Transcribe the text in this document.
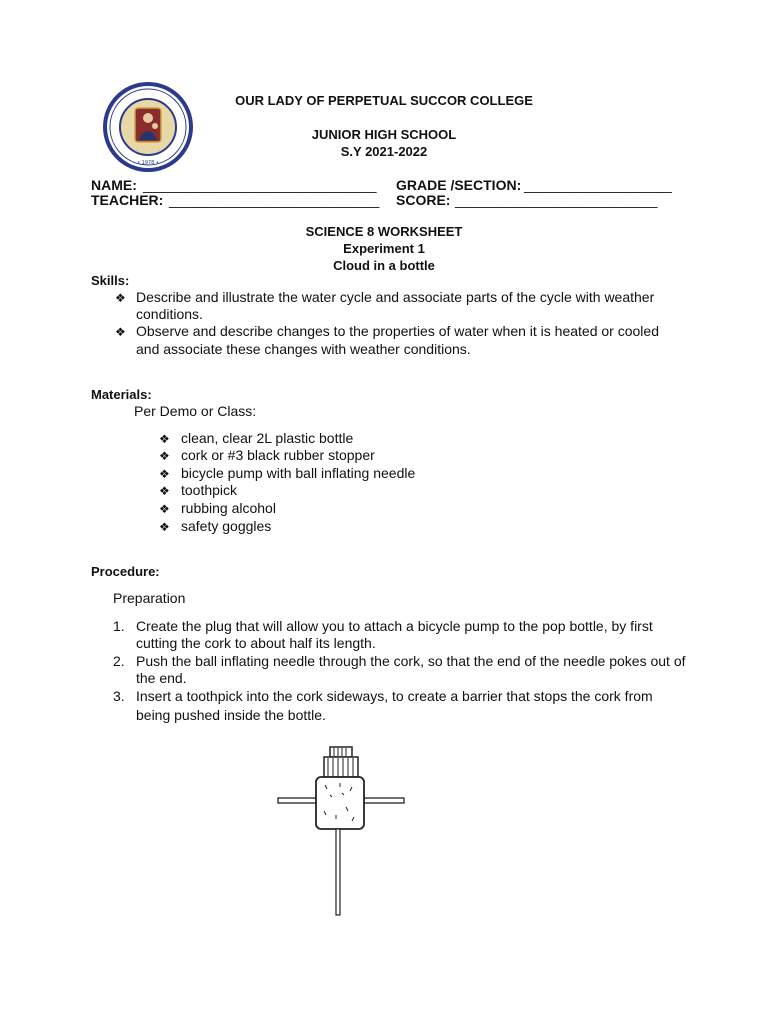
• 1978 •
OUR LADY OF PERPETUAL SUCCOR COLLEGE
JUNIOR HIGH SCHOOL
S.Y 2021-2022
NAME: ______________________________ GRADE /SECTION: ___________________
TEACHER: ___________________________ SCORE: __________________________
SCIENCE 8 WORKSHEET
Experiment 1
Cloud in a bottle
Skills:
❖ Describe and illustrate the water cycle and associate parts of the cycle with weather
conditions.
❖ Observe and describe changes to the properties of water when it is heated or cooled
and associate these changes with weather conditions.
Materials:
Per Demo or Class:
❖ clean, clear 2L plastic bottle
❖ cork or #3 black rubber stopper
❖ bicycle pump with ball inflating needle
❖ toothpick
❖ rubbing alcohol
❖ safety goggles
Procedure:
Preparation
1. Create the plug that will allow you to attach a bicycle pump to the pop bottle, by first
cutting the cork to about half its length.
2. Push the ball inflating needle through the cork, so that the end of the needle pokes out of
the end.
3. Insert a toothpick into the cork sideways, to create a barrier that stops the cork from
being pushed inside the bottle.
